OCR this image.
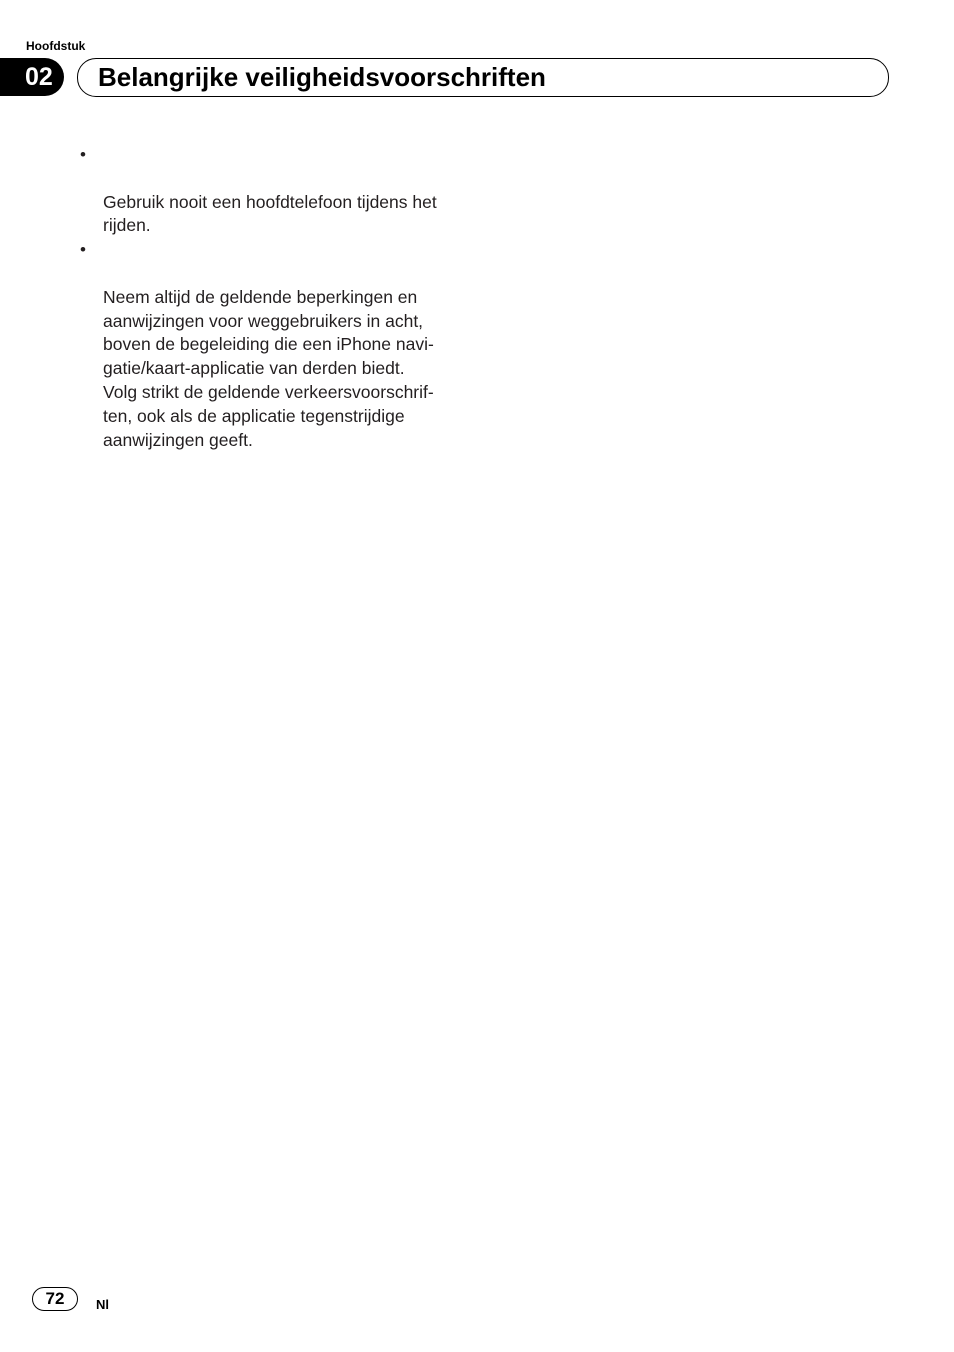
Hoofdstuk
02	Belangrijke veiligheidsvoorschriften

•

Gebruik nooit een hoofdtelefoon tijdens het
rijden.

•

Neem altijd de geldende beperkingen en
aanwijzingen voor weggebruikers in acht,
boven de begeleiding die een iPhone navi-
gatie/kaart-applicatie van derden biedt.
Volg strikt de geldende verkeersvoorschrif-
ten, ook als de applicatie tegenstrijdige
aanwijzingen geeft.

72	Nl
